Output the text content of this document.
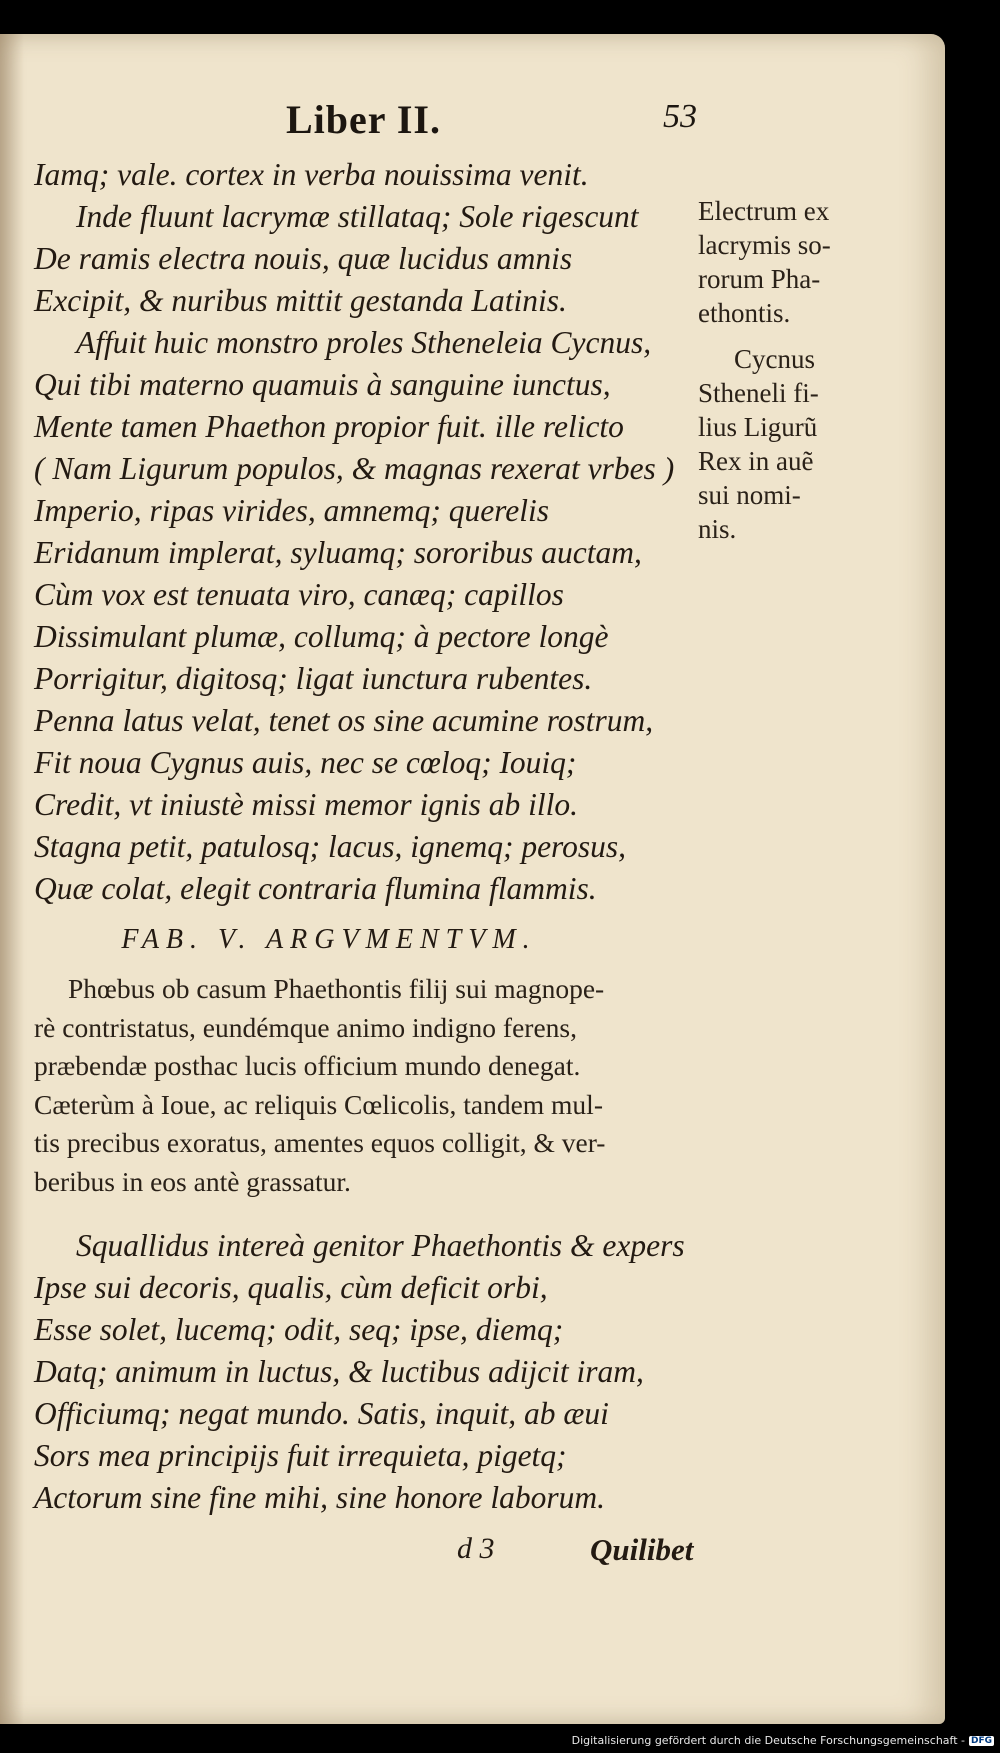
Liber II.	53

Iamq; vale. cortex in verba nouissima venit.

Inde fluunt lacrymæ stillataq; Sole rigescunt

De ramis electra nouis, quæ lucidus amnis

Excipit, & nuribus mittit gestanda Latinis.

Affuit huic monstro proles Stheneleia Cycnus,

Qui tibi materno quamuis à sanguine iunctus,

Mente tamen Phaethon propior fuit. ille relicto

( Nam Ligurum populos, & magnas rexerat vrbes )

Imperio, ripas virides, amnemq; querelis

Eridanum implerat, syluamq; sororibus auctam,

Cùm vox est tenuata viro, canæq; capillos

Dissimulant plumæ, collumq; à pectore longè

Porrigitur, digitosq; ligat iunctura rubentes.

Penna latus velat, tenet os sine acumine rostrum,

Fit noua Cygnus auis, nec se cœloq; Iouiq;

Credit, vt iniustè missi memor ignis ab illo.

Stagna petit, patulosq; lacus, ignemq; perosus,

Quæ colat, elegit contraria flumina flammis.

FAB. V. ARGVMENTVM.
Phœbus ob casum Phaethontis filij sui magnope-
rè contristatus, eundémque animo indigno ferens,
præbendæ posthac lucis officium mundo denegat.
Cæterùm à Ioue, ac reliquis Cœlicolis, tandem mul-
tis precibus exoratus, amentes equos colligit, & ver-
beribus in eos antè grassatur.

Squallidus intereà genitor Phaethontis & expers

Ipse sui decoris, qualis, cùm deficit orbi,

Esse solet, lucemq; odit, seq; ipse, diemq;

Datq; animum in luctus, & luctibus adijcit iram,

Officiumq; negat mundo. Satis, inquit, ab æui

Sors mea principijs fuit irrequieta, pigetq;

Actorum sine fine mihi, sine honore laborum.

Electrum ex
lacrymis so-
rorum Pha-
ethontis.
Cycnus
Stheneli fi-
lius Ligurũ
Rex in auẽ
sui nomi-
nis.
d 3	Quilibet
Digitalisierung gefördert durch die Deutsche Forschungsgemeinschaft - DFG
